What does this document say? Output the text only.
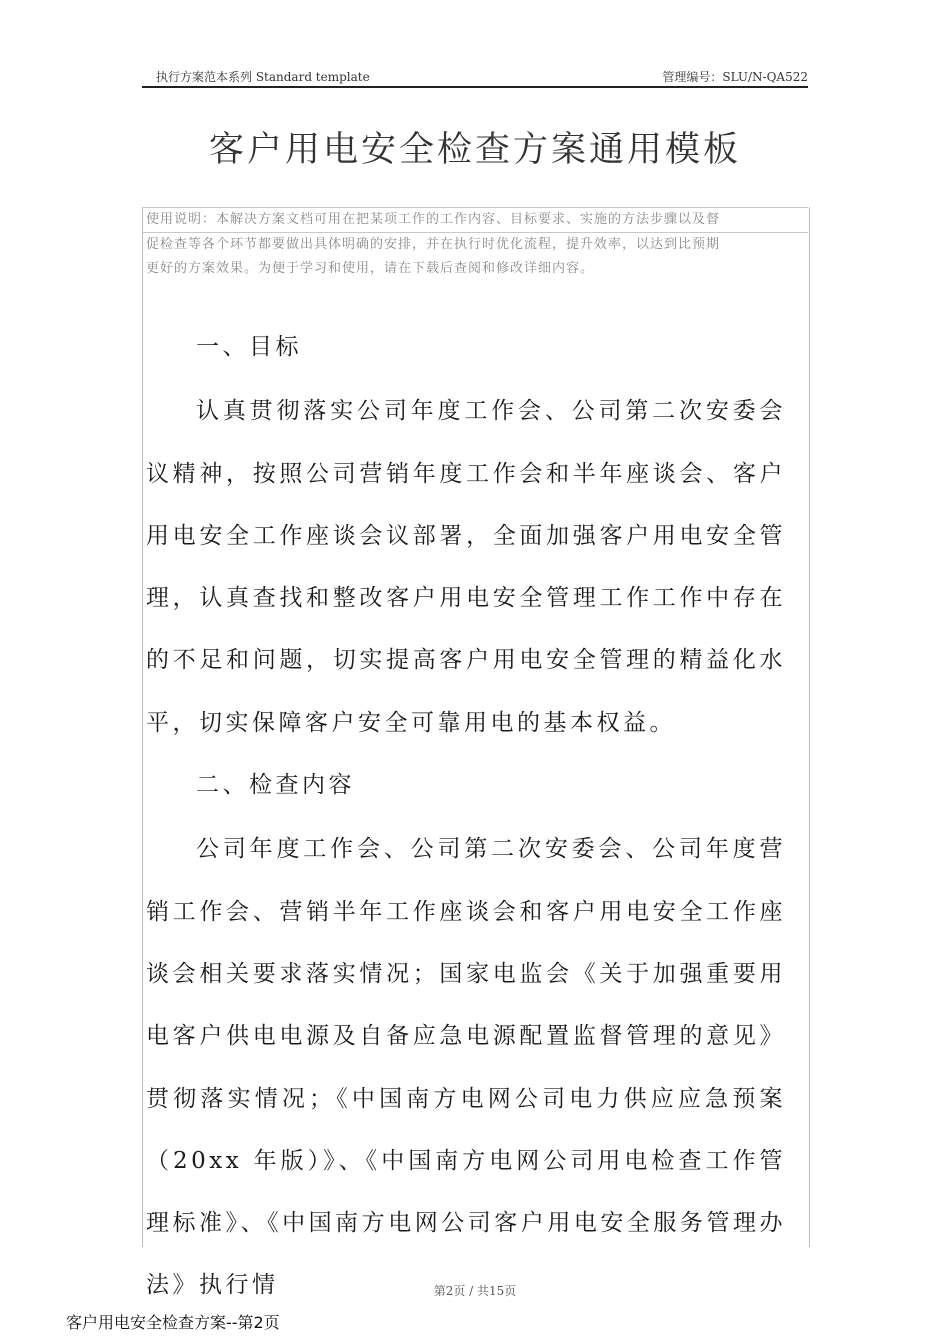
执行方案范本系列 Standard template	管理编号：SLU/N-QA522
客户用电安全检查方案通用模板
使用说明：本解决方案文档可用在把某项工作的工作内容、目标要求、实施的方法步骤以及督
促检查等各个环节都要做出具体明确的安排，并在执行时优化流程，提升效率，以达到比预期
更好的方案效果。为便于学习和使用，请在下载后查阅和修改详细内容。
一、目标
认真贯彻落实公司年度工作会、公司第二次安委会议精神，按照公司营销年度工作会和半年座谈会、客户用电安全工作座谈会议部署，全面加强客户用电安全管理，认真查找和整改客户用电安全管理工作工作中存在的不足和问题，切实提高客户用电安全管理的精益化水平，切实保障客户安全可靠用电的基本权益。
二、检查内容
公司年度工作会、公司第二次安委会、公司年度营销工作会、营销半年工作座谈会和客户用电安全工作座谈会相关要求落实情况；国家电监会《关于加强重要用电客户供电电源及自备应急电源配置监督管理的意见》贯彻落实情况；《中国南方电网公司电力供应应急预案（20xx 年版）》、《中国南方电网公司用电检查工作管理标准》、《中国南方电网公司客户用电安全服务管理办法》执行情	第2页 / 共15页
客户用电安全检查方案--第2页
